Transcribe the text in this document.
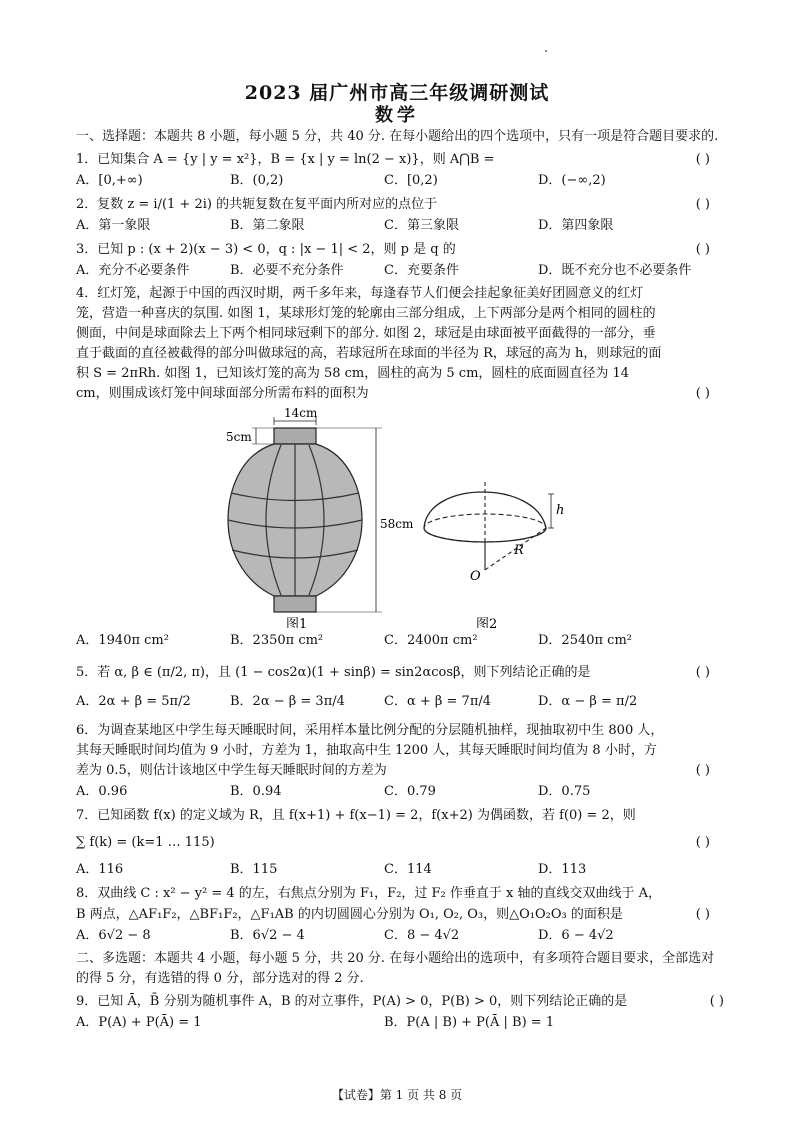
2023 届广州市高三年级调研测试
数学

一、选择题：本题共 8 小题，每小题 5 分，共 40 分. 在每小题给出的四个选项中，只有一项是符合题目要求的.

1．已知集合 A = {y | y = x²}，B = {x | y = ln(2 − x)}，则 A⋂B =	( )
A．[0,+∞)	B．(0,2)	C．[0,2)	D．(−∞,2)
2．复数 z = i/(1 + 2i) 的共轭复数在复平面内所对应的点位于	( )
A．第一象限	B．第二象限	C．第三象限	D．第四象限
3．已知 p : (x + 2)(x − 3) < 0，q : |x − 1| < 2，则 p 是 q 的	( )
A．充分不必要条件	B．必要不充分条件	C．充要条件	D．既不充分也不必要条件
4．红灯笼，起源于中国的西汉时期，两千多年来，每逢春节人们便会挂起象征美好团圆意义的红灯笼，营造一种喜庆的氛围. 如图 1，某球形灯笼的轮廓由三部分组成，上下两部分是两个相同的圆柱的侧面，中间是球面除去上下两个相同球冠剩下的部分. 如图 2，球冠是由球面被平面截得的一部分，垂直于截面的直径被截得的部分叫做球冠的高，若球冠所在球面的半径为 R，球冠的高为 h，则球冠的面积 S = 2πRh. 如图 1，已知该灯笼的高为 58 cm，圆柱的高为 5 cm，圆柱的底面圆直径为 14 cm，则围成该灯笼中间球面部分所需布料的面积为	( )
14cm
5cm
58cm
图1
h
R
O
图2
A．1940π cm²	B．2350π cm²	C．2400π cm²	D．2540π cm²
5．若 α, β ∈ (π/2, π)，且 (1 − cos2α)(1 + sinβ) = sin2αcosβ，则下列结论正确的是	( )
A．2α + β = 5π/2	B．2α − β = 3π/4	C．α + β = 7π/4	D．α − β = π/2
6．为调查某地区中学生每天睡眠时间，采用样本量比例分配的分层随机抽样，现抽取初中生 800 人，其每天睡眠时间均值为 9 小时，方差为 1，抽取高中生 1200 人，其每天睡眠时间均值为 8 小时，方差为 0.5，则估计该地区中学生每天睡眠时间的方差为	( )
A．0.96	B．0.94	C．0.79	D．0.75
7．已知函数 f(x) 的定义域为 R，且 f(x+1) + f(x−1) = 2，f(x+2) 为偶函数，若 f(0) = 2，则
∑ f(k) = (k=1 … 115)	( )
A．116	B．115	C．114	D．113
8．双曲线 C : x² − y² = 4 的左，右焦点分别为 F₁，F₂，过 F₂ 作垂直于 x 轴的直线交双曲线于 A，B 两点，△AF₁F₂，△BF₁F₂，△F₁AB 的内切圆圆心分别为 O₁, O₂, O₃，则△O₁O₂O₃ 的面积是	( )
A．6√2 − 8	B．6√2 − 4	C．8 − 4√2	D．6 − 4√2

二、多选题：本题共 4 小题，每小题 5 分，共 20 分. 在每小题给出的选项中，有多项符合题目要求，全部选对的得 5 分，有选错的得 0 分，部分选对的得 2 分.

9．已知 Ā，B̄ 分别为随机事件 A，B 的对立事件，P(A) > 0，P(B) > 0，则下列结论正确的是	( )
A．P(A) + P(Ā) = 1	B．P(A | B) + P(Ā | B) = 1
【试卷】第 1 页 共 8 页
